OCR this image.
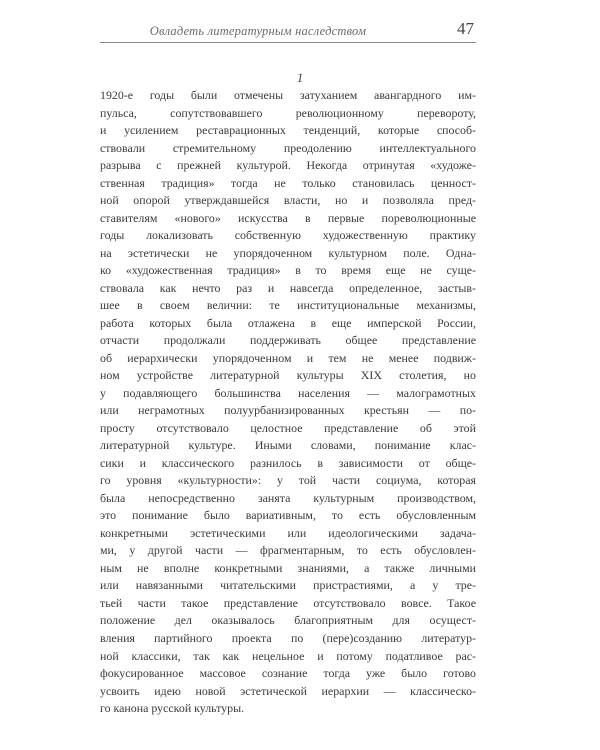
Овладеть литературным наследством	47
1
1920-е годы были отмечены затуханием авангардного им-
пульса, сопутствовавшего революционному перевороту,
и усилением реставрационных тенденций, которые способ-
ствовали стремительному преодолению интеллектуального
разрыва с прежней культурой. Некогда отринутая «художе-
ственная традиция» тогда не только становилась ценност-
ной опорой утверждавшейся власти, но и позволяла пред-
ставителям «нового» искусства в первые пореволюционные
годы локализовать собственную художественную практику
на эстетически не упорядоченном культурном поле. Одна-
ко «художественная традиция» в то время еще не суще-
ствовала как нечто раз и навсегда определенное, застыв-
шее в своем величии: те институциональные механизмы,
работа которых была отлажена в еще имперской России,
отчасти продолжали поддерживать общее представление
об иерархически упорядоченном и тем не менее подвиж-
ном устройстве литературной культуры XIX столетия, но
у подавляющего большинства населения — малограмотных
или неграмотных полуурбанизированных крестьян — по-
просту отсутствовало целостное представление об этой
литературной культуре. Иными словами, понимание клас-
сики и классического разнилось в зависимости от обще-
го уровня «культурности»: у той части социума, которая
была непосредственно занята культурным производством,
это понимание было вариативным, то есть обусловленным
конкретными эстетическими или идеологическими задача-
ми, у другой части — фрагментарным, то есть обусловлен-
ным не вполне конкретными знаниями, а также личными
или навязанными читательскими пристрастиями, а у тре-
тьей части такое представление отсутствовало вовсе. Такое
положение дел оказывалось благоприятным для осущест-
вления партийного проекта по (пере)созданию литератур-
ной классики, так как нецельное и потому податливое рас-
фокусированное массовое сознание тогда уже было готово
усвоить идею новой эстетической иерархии — классическо-
го канона русской культуры.
